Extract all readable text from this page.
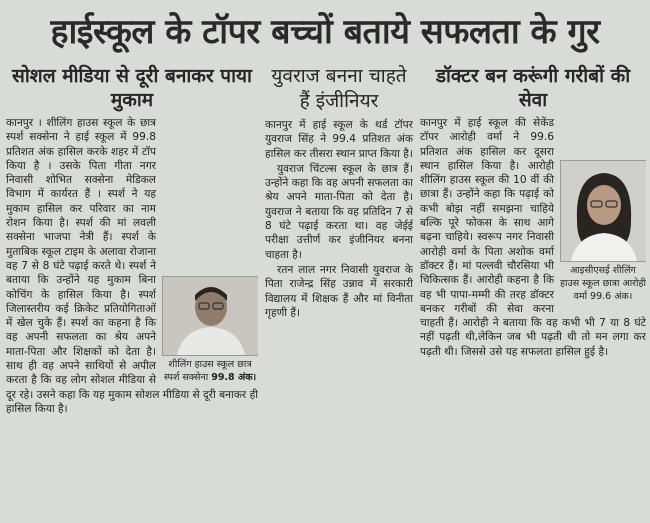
हाईस्कूल के टॉपर बच्चों बताये सफलता के गुर
सोशल मीडिया से दूरी बनाकर पाया मुकाम
शीलिंग हाउस स्कूल छात्र स्पर्श सक्सेना 99.8 अंक।

कानपुर । शीलिंग हाउस स्कूल के छात्र स्पर्श सक्सेना ने हाई स्कूल में 99.8 प्रतिशत अंक हासिल करके शहर में टॉप किया है । उसके पिता गीता नगर निवासी शोभित सक्सेना मेडिकल विभाग में कार्यरत हैं । स्पर्श ने यह मुकाम हासिल कर परिवार का नाम रोशन किया है। स्पर्श की मां लवली सक्सेना भाजपा नेत्री हैं। स्पर्श के मुताबिक स्कूल टाइम के अलावा रोजाना वह 7 से 8 घंटे पढ़ाई करते थे। स्पर्श ने बताया कि उन्होंने यह मुकाम बिना कोचिंग के हासिल किया है। स्पर्श जिलास्तरीय कई क्रिकेट प्रतियोगिताओं में खेल चुके हैं। स्पर्श का कहना है कि वह अपनी सफलता का श्रेय अपने माता-पिता और शिक्षकों को देता है। साथ ही वह अपने साथियों से अपील करता है कि वह लोग सोशल मीडिया से दूर रहे। उसने कहा कि यह मुकाम सोशल मीडिया से दूरी बनाकर ही हासिल किया है।

युवराज बनना चाहते हैं इंजीनियर

कानपुर में हाई स्कूल के थर्ड टॉपर युवराज सिंह ने 99.4 प्रतिशत अंक हासिल कर तीसरा स्थान प्राप्त किया है।

युवराज चिंटल्स स्कूल के छात्र हैं। उन्होंने कहा कि वह अपनी सफलता का श्रेय अपने माता-पिता को देता है। युवराज ने बताया कि वह प्रतिदिन 7 से 8 घंटे पढ़ाई करता था। वह जेईई परीक्षा उत्तीर्ण कर इंजीनियर बनना चाहता है।

रतन लाल नगर निवासी युवराज के पिता राजेन्द्र सिंह उन्नाव में सरकारी विद्यालय में शिक्षक हैं और मां विनीता गृहणी हैं।

डॉक्टर बन करूंगी गरीबों की सेवा
आइसीएसई शीलिंग हाउस स्कूल छात्रा आरोही वर्मा 99.6 अंक।

कानपुर में हाई स्कूल की सेकेंड टॉपर आरोही वर्मा ने 99.6 प्रतिशत अंक हासिल कर दूसरा स्थान हासिल किया है। आरोही शीलिंग हाउस स्कूल की 10 वीं की छात्रा हैं। उन्होंने कहा कि पढ़ाई को कभी बोझ नहीं समझना चाहिये बल्कि पूरे फोकस के साथ आगे बढ़ना चाहिये। स्वरूप नगर निवासी आरोही वर्मा के पिता अशोक वर्मा डॉक्टर हैं। मां पल्लवी चौरसिया भी चिकित्सक हैं। आरोही कहना है कि वह भी पापा-मम्मी की तरह डॉक्टर बनकर गरीबों की सेवा करना चाहती हैं। आरोही ने बताया कि वह कभी भी 7 या 8 घंटे नहीं पढ़ती थी,लेकिन जब भी पढ़ती थी तो मन लगा कर पढ़ती थी। जिससे उसे यह सफलता हासिल हुई है।
